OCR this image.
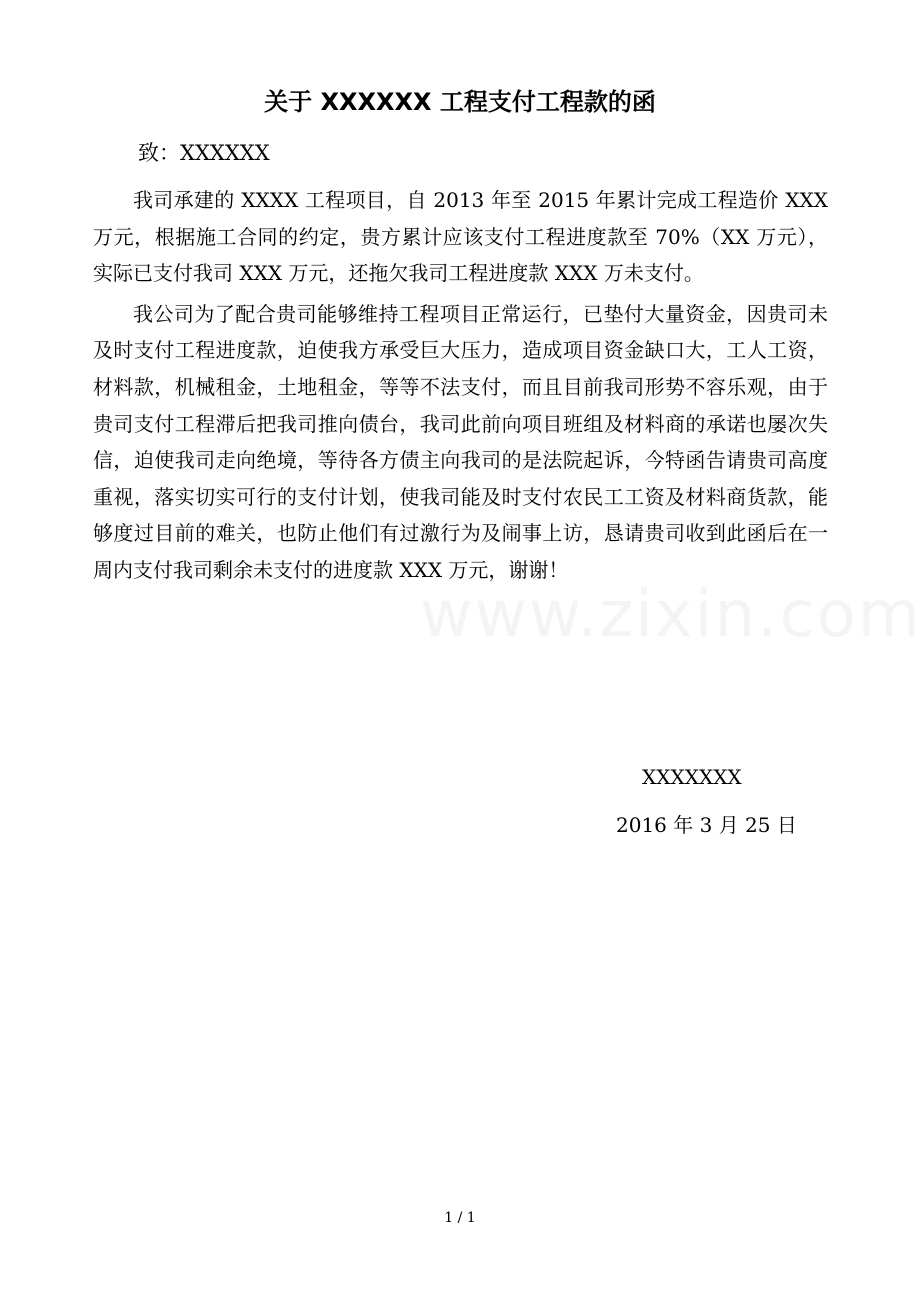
关于 XXXXXX 工程支付工程款的函

致：XXXXXX

我司承建的 XXXX 工程项目，自 2013 年至 2015 年累计完成工程造价 XXX 万元，根据施工合同的约定，贵方累计应该支付工程进度款至 70%（XX 万元），实际已支付我司 XXX 万元，还拖欠我司工程进度款 XXX 万未支付。

我公司为了配合贵司能够维持工程项目正常运行，已垫付大量资金，因贵司未及时支付工程进度款，迫使我方承受巨大压力，造成项目资金缺口大，工人工资，材料款，机械租金，土地租金，等等不法支付，而且目前我司形势不容乐观，由于贵司支付工程滞后把我司推向债台，我司此前向项目班组及材料商的承诺也屡次失信，迫使我司走向绝境，等待各方债主向我司的是法院起诉，今特函告请贵司高度重视，落实切实可行的支付计划，使我司能及时支付农民工工资及材料商货款，能够度过目前的难关，也防止他们有过激行为及闹事上访，恳请贵司收到此函后在一周内支付我司剩余未支付的进度款 XXX 万元，谢谢！

XXXXXXX

2016 年 3 月 25 日

1 / 1
